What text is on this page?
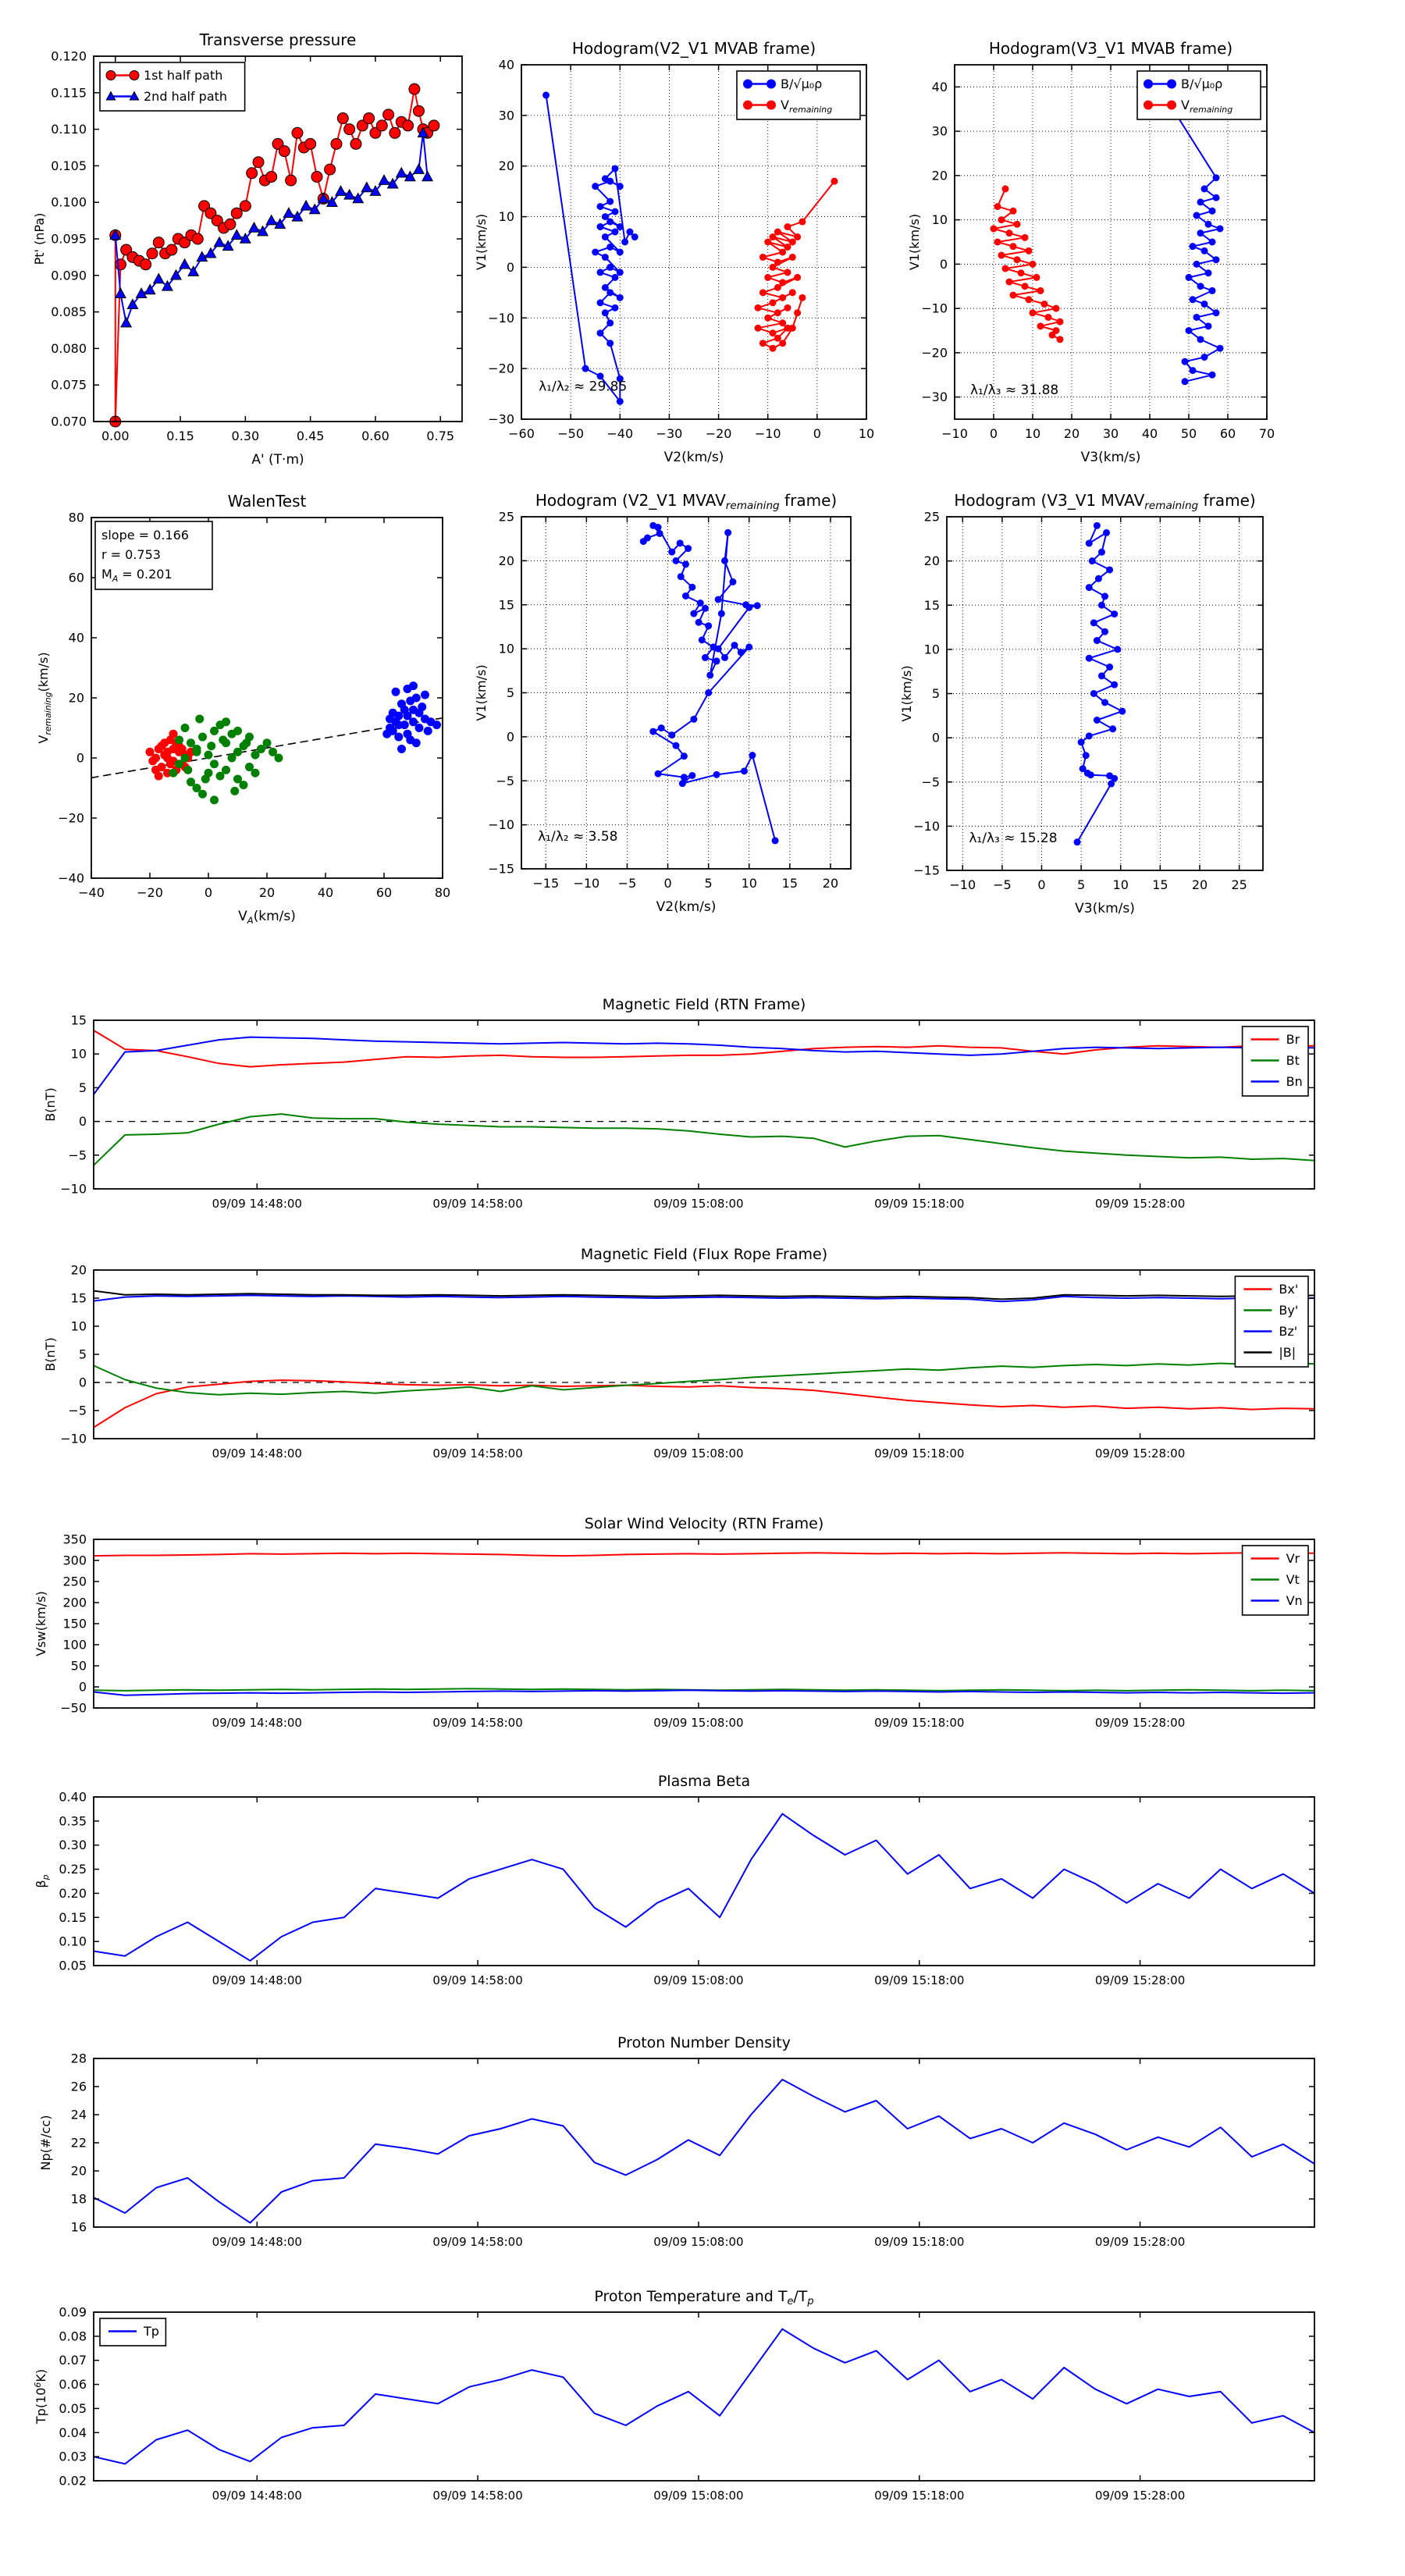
0.00	0.15	0.30	0.45	0.60	0.75
0.070
0.075
0.080
0.085
0.090
0.095
0.100
0.105
0.110
0.115
0.120
Transverse pressure
A' (T·m)
Pt' (nPa)
1st half path
2nd half path
−60 −50 −40 −30 −20 −10	0	10
−30
−20
−10
0
10
20
30
40
Hodogram(V2_V1 MVAB frame)
V2(km/s)
V1(km/s)
λ₁/λ₂ ≈ 29.85
B/√μ₀ρ
$V_{remaining}$
−10 0 10 20 30 40 50 60 70
−30
−20
−10
0
10
20
30
40
Hodogram(V3_V1 MVAB frame)
V3(km/s)
V1(km/s)
λ₁/λ₃ ≈ 31.88
B/√μ₀ρ
$V_{remaining}$
−40	−20	0	20	40	60	80
−40
−20
0
20
40
60
80
WalenTest
$V_A(km/s)$
$V_{remaining}(km/s)$
slope = 0.166
r = 0.753
$M_A = 0.201$
−15 −10 −5 0	5 10 15 20
−15
−10
−5
0
5
10
15
20
25
Hodogram (V2_V1 $MVAV_{remaining}$ frame)
V2(km/s)
V1(km/s)
λ₁/λ₂ ≈ 3.58
−10 −5 0	5 10 15 20 25
−15
−10
−5
0
5
10
15
20
25
Hodogram (V3_V1 $MVAV_{remaining}$ frame)
V3(km/s)
V1(km/s)
λ₁/λ₃ ≈ 15.28
09/09 14:48:00	09/09 14:58:00	09/09 15:08:00	09/09 15:18:00	09/09 15:28:00
−10
−5
0
5
10
15
Magnetic Field (RTN Frame)
B(nT)
Br
Bt
Bn
09/09 14:48:00	09/09 14:58:00	09/09 15:08:00	09/09 15:18:00	09/09 15:28:00
−10
−5
0
5
10
15
20
Magnetic Field (Flux Rope Frame)
B(nT)
Bx'
By'
Bz'
|B|
09/09 14:48:00	09/09 14:58:00	09/09 15:08:00	09/09 15:18:00	09/09 15:28:00
−50
0
50
100
150
200
250
300
350
Solar Wind Velocity (RTN Frame)
Vsw(km/s)
Vr
Vt
Vn
09/09 14:48:00	09/09 14:58:00	09/09 15:08:00	09/09 15:18:00	09/09 15:28:00
0.05
0.10
0.15
0.20
0.25
0.30
0.35
0.40
Plasma Beta
$\beta_p$
09/09 14:48:00	09/09 14:58:00	09/09 15:08:00	09/09 15:18:00	09/09 15:28:00
16
18
20
22
24
26
28
Proton Number Density
Np(#/cc)
09/09 14:48:00	09/09 14:58:00	09/09 15:08:00	09/09 15:18:00	09/09 15:28:00
0.02
0.03
0.04
0.05
0.06
0.07
0.08
0.09
Proton Temperature and $T_e/T_p$
$Tp(10^6K)$
Tp
